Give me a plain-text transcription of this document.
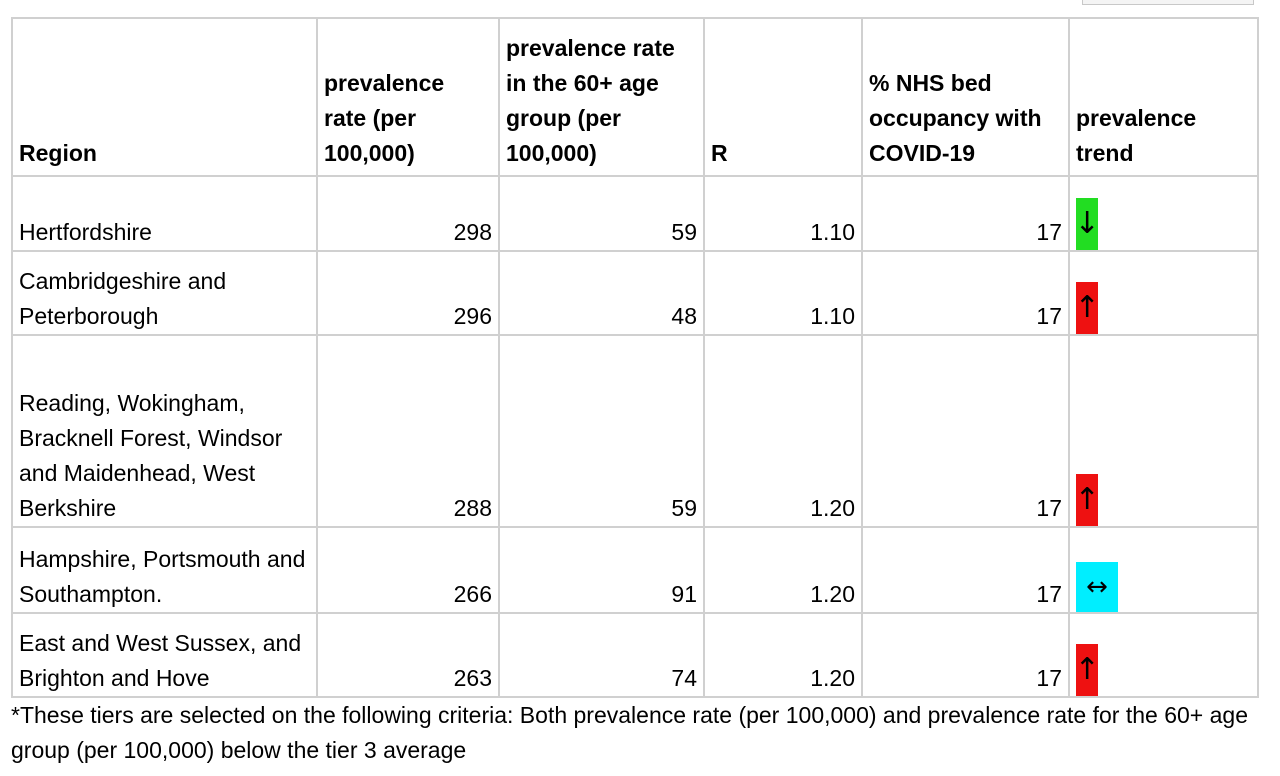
Region	prevalence rate (per 100,000)	prevalence rate in the 60+ age group (per 100,000)	R	% NHS bed occupancy with COVID-19	prevalence trend
Hertfordshire	298	59	1.10	17	↓
Cambridgeshire and Peterborough	296	48	1.10	17	↑
Reading, Wokingham, Bracknell Forest, Windsor and Maidenhead, West Berkshire	288	59	1.20	17	↑
Hampshire, Portsmouth and Southampton.	266	91	1.20	17	↔
East and West Sussex, and Brighton and Hove	263	74	1.20	17	↑

*These tiers are selected on the following criteria: Both prevalence rate (per 100,000) and prevalence rate for the 60+ age group (per 100,000) below the tier 3 average
